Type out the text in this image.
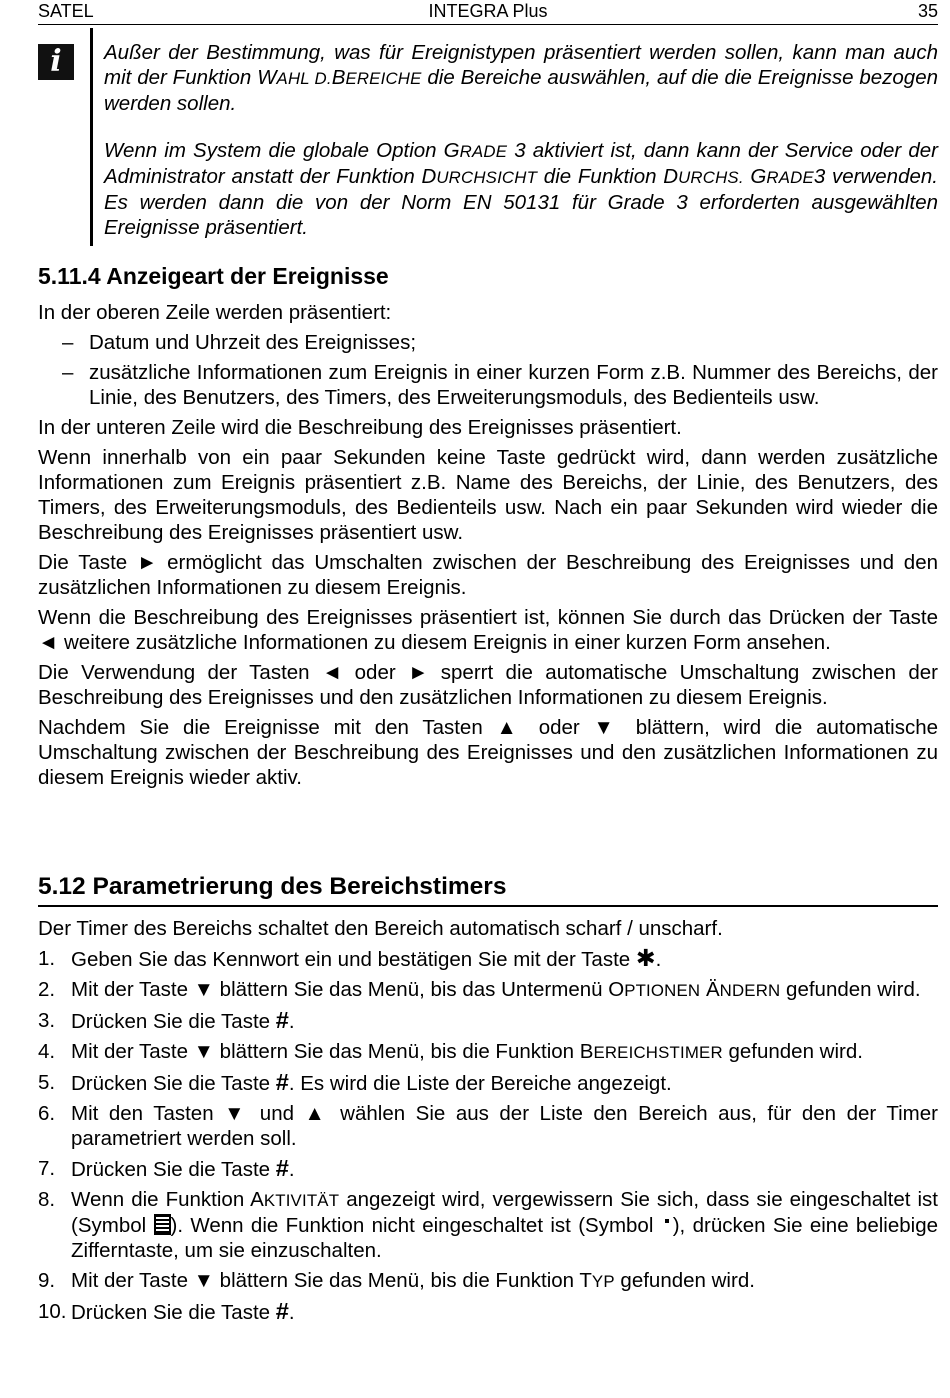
SATEL	INTEGRA Plus	35
i	Außer der Bestimmung, was für Ereignistypen präsentiert werden sollen, kann man auch mit der Funktion WAHL D.BEREICHE die Bereiche auswählen, auf die die Ereignisse bezogen werden sollen.

Wenn im System die globale Option GRADE 3 aktiviert ist, dann kann der Service oder der Administrator anstatt der Funktion DURCHSICHT die Funktion DURCHS. GRADE3 verwenden. Es werden dann die von der Norm EN 50131 für Grade 3 erforderten ausgewählten Ereignisse präsentiert.

5.11.4 Anzeigeart der Ereignisse

In der oberen Zeile werden präsentiert:

– Datum und Uhrzeit des Ereignisses;
– zusätzliche Informationen zum Ereignis in einer kurzen Form z.B. Nummer des Bereichs, der Linie, des Benutzers, des Timers, des Erweiterungsmoduls, des Bedienteils usw.

In der unteren Zeile wird die Beschreibung des Ereignisses präsentiert.

Wenn innerhalb von ein paar Sekunden keine Taste gedrückt wird, dann werden zusätzliche Informationen zum Ereignis präsentiert z.B. Name des Bereichs, der Linie, des Benutzers, des Timers, des Erweiterungsmoduls, des Bedienteils usw. Nach ein paar Sekunden wird wieder die Beschreibung des Ereignisses präsentiert usw.

Die Taste ► ermöglicht das Umschalten zwischen der Beschreibung des Ereignisses und den zusätzlichen Informationen zu diesem Ereignis.

Wenn die Beschreibung des Ereignisses präsentiert ist, können Sie durch das Drücken der Taste ◄ weitere zusätzliche Informationen zu diesem Ereignis in einer kurzen Form ansehen.

Die Verwendung der Tasten ◄ oder ► sperrt die automatische Umschaltung zwischen der Beschreibung des Ereignisses und den zusätzlichen Informationen zu diesem Ereignis.

Nachdem Sie die Ereignisse mit den Tasten ▲ oder ▼ blättern, wird die automatische Umschaltung zwischen der Beschreibung des Ereignisses und den zusätzlichen Informationen zu diesem Ereignis wieder aktiv.

5.12 Parametrierung des Bereichstimers

Der Timer des Bereichs schaltet den Bereich automatisch scharf / unscharf.

1. Geben Sie das Kennwort ein und bestätigen Sie mit der Taste ✱.
2. Mit der Taste ▼ blättern Sie das Menü, bis das Untermenü OPTIONEN ÄNDERN gefunden wird.
3. Drücken Sie die Taste #.
4. Mit der Taste ▼ blättern Sie das Menü, bis die Funktion BEREICHSTIMER gefunden wird.
5. Drücken Sie die Taste #. Es wird die Liste der Bereiche angezeigt.
6. Mit den Tasten ▼ und ▲ wählen Sie aus der Liste den Bereich aus, für den der Timer parametriert werden soll.
7. Drücken Sie die Taste #.
8. Wenn die Funktion AKTIVITÄT angezeigt wird, vergewissern Sie sich, dass sie eingeschaltet ist (Symbol ). Wenn die Funktion nicht eingeschaltet ist (Symbol ), drücken Sie eine beliebige Zifferntaste, um sie einzuschalten.
9. Mit der Taste ▼ blättern Sie das Menü, bis die Funktion TYP gefunden wird.
10. Drücken Sie die Taste #.
